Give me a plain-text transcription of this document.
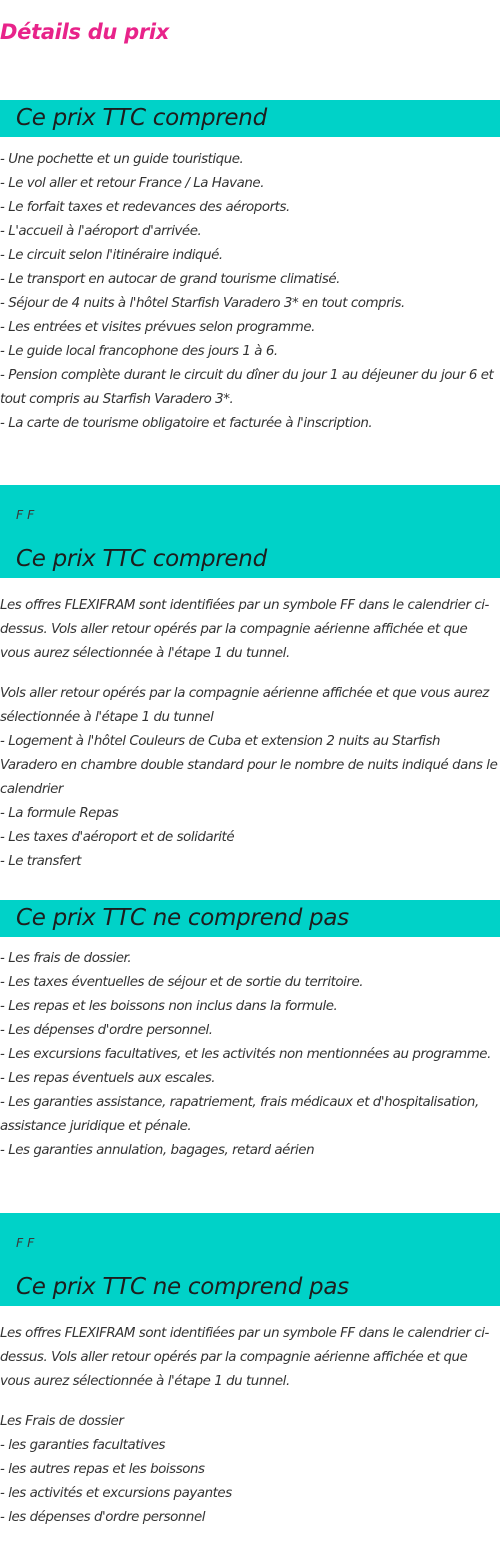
Détails du prix
Ce prix TTC comprend
- Une pochette et un guide touristique.
- Le vol aller et retour France / La Havane.
- Le forfait taxes et redevances des aéroports.
- L'accueil à l'aéroport d'arrivée.
- Le circuit selon l'itinéraire indiqué.
- Le transport en autocar de grand tourisme climatisé.
- Séjour de 4 nuits à l'hôtel Starfish Varadero 3* en tout compris.
- Les entrées et visites prévues selon programme.
- Le guide local francophone des jours 1 à 6.
- Pension complète durant le circuit du dîner du jour 1 au déjeuner du jour 6 et tout compris au Starfish Varadero 3*.
- La carte de tourisme obligatoire et facturée à l'inscription.
F F
Ce prix TTC comprend

Les offres FLEXIFRAM sont identifiées par un symbole FF dans le calendrier ci-dessus. Vols aller retour opérés par la compagnie aérienne affichée et que vous aurez sélectionnée à l'étape 1 du tunnel.

Vols aller retour opérés par la compagnie aérienne affichée et que vous aurez sélectionnée à l'étape 1 du tunnel
- Logement à l'hôtel Couleurs de Cuba et extension 2 nuits au Starfish Varadero en chambre double standard pour le nombre de nuits indiqué dans le calendrier
- La formule Repas
- Les taxes d'aéroport et de solidarité
- Le transfert
Ce prix TTC ne comprend pas
- Les frais de dossier.
- Les taxes éventuelles de séjour et de sortie du territoire.
- Les repas et les boissons non inclus dans la formule.
- Les dépenses d'ordre personnel.
- Les excursions facultatives, et les activités non mentionnées au programme.
- Les repas éventuels aux escales.
- Les garanties assistance, rapatriement, frais médicaux et d'hospitalisation, assistance juridique et pénale.
- Les garanties annulation, bagages, retard aérien
F F
Ce prix TTC ne comprend pas

Les offres FLEXIFRAM sont identifiées par un symbole FF dans le calendrier ci-dessus. Vols aller retour opérés par la compagnie aérienne affichée et que vous aurez sélectionnée à l'étape 1 du tunnel.

Les Frais de dossier
- les garanties facultatives
- les autres repas et les boissons
- les activités et excursions payantes
- les dépenses d'ordre personnel
